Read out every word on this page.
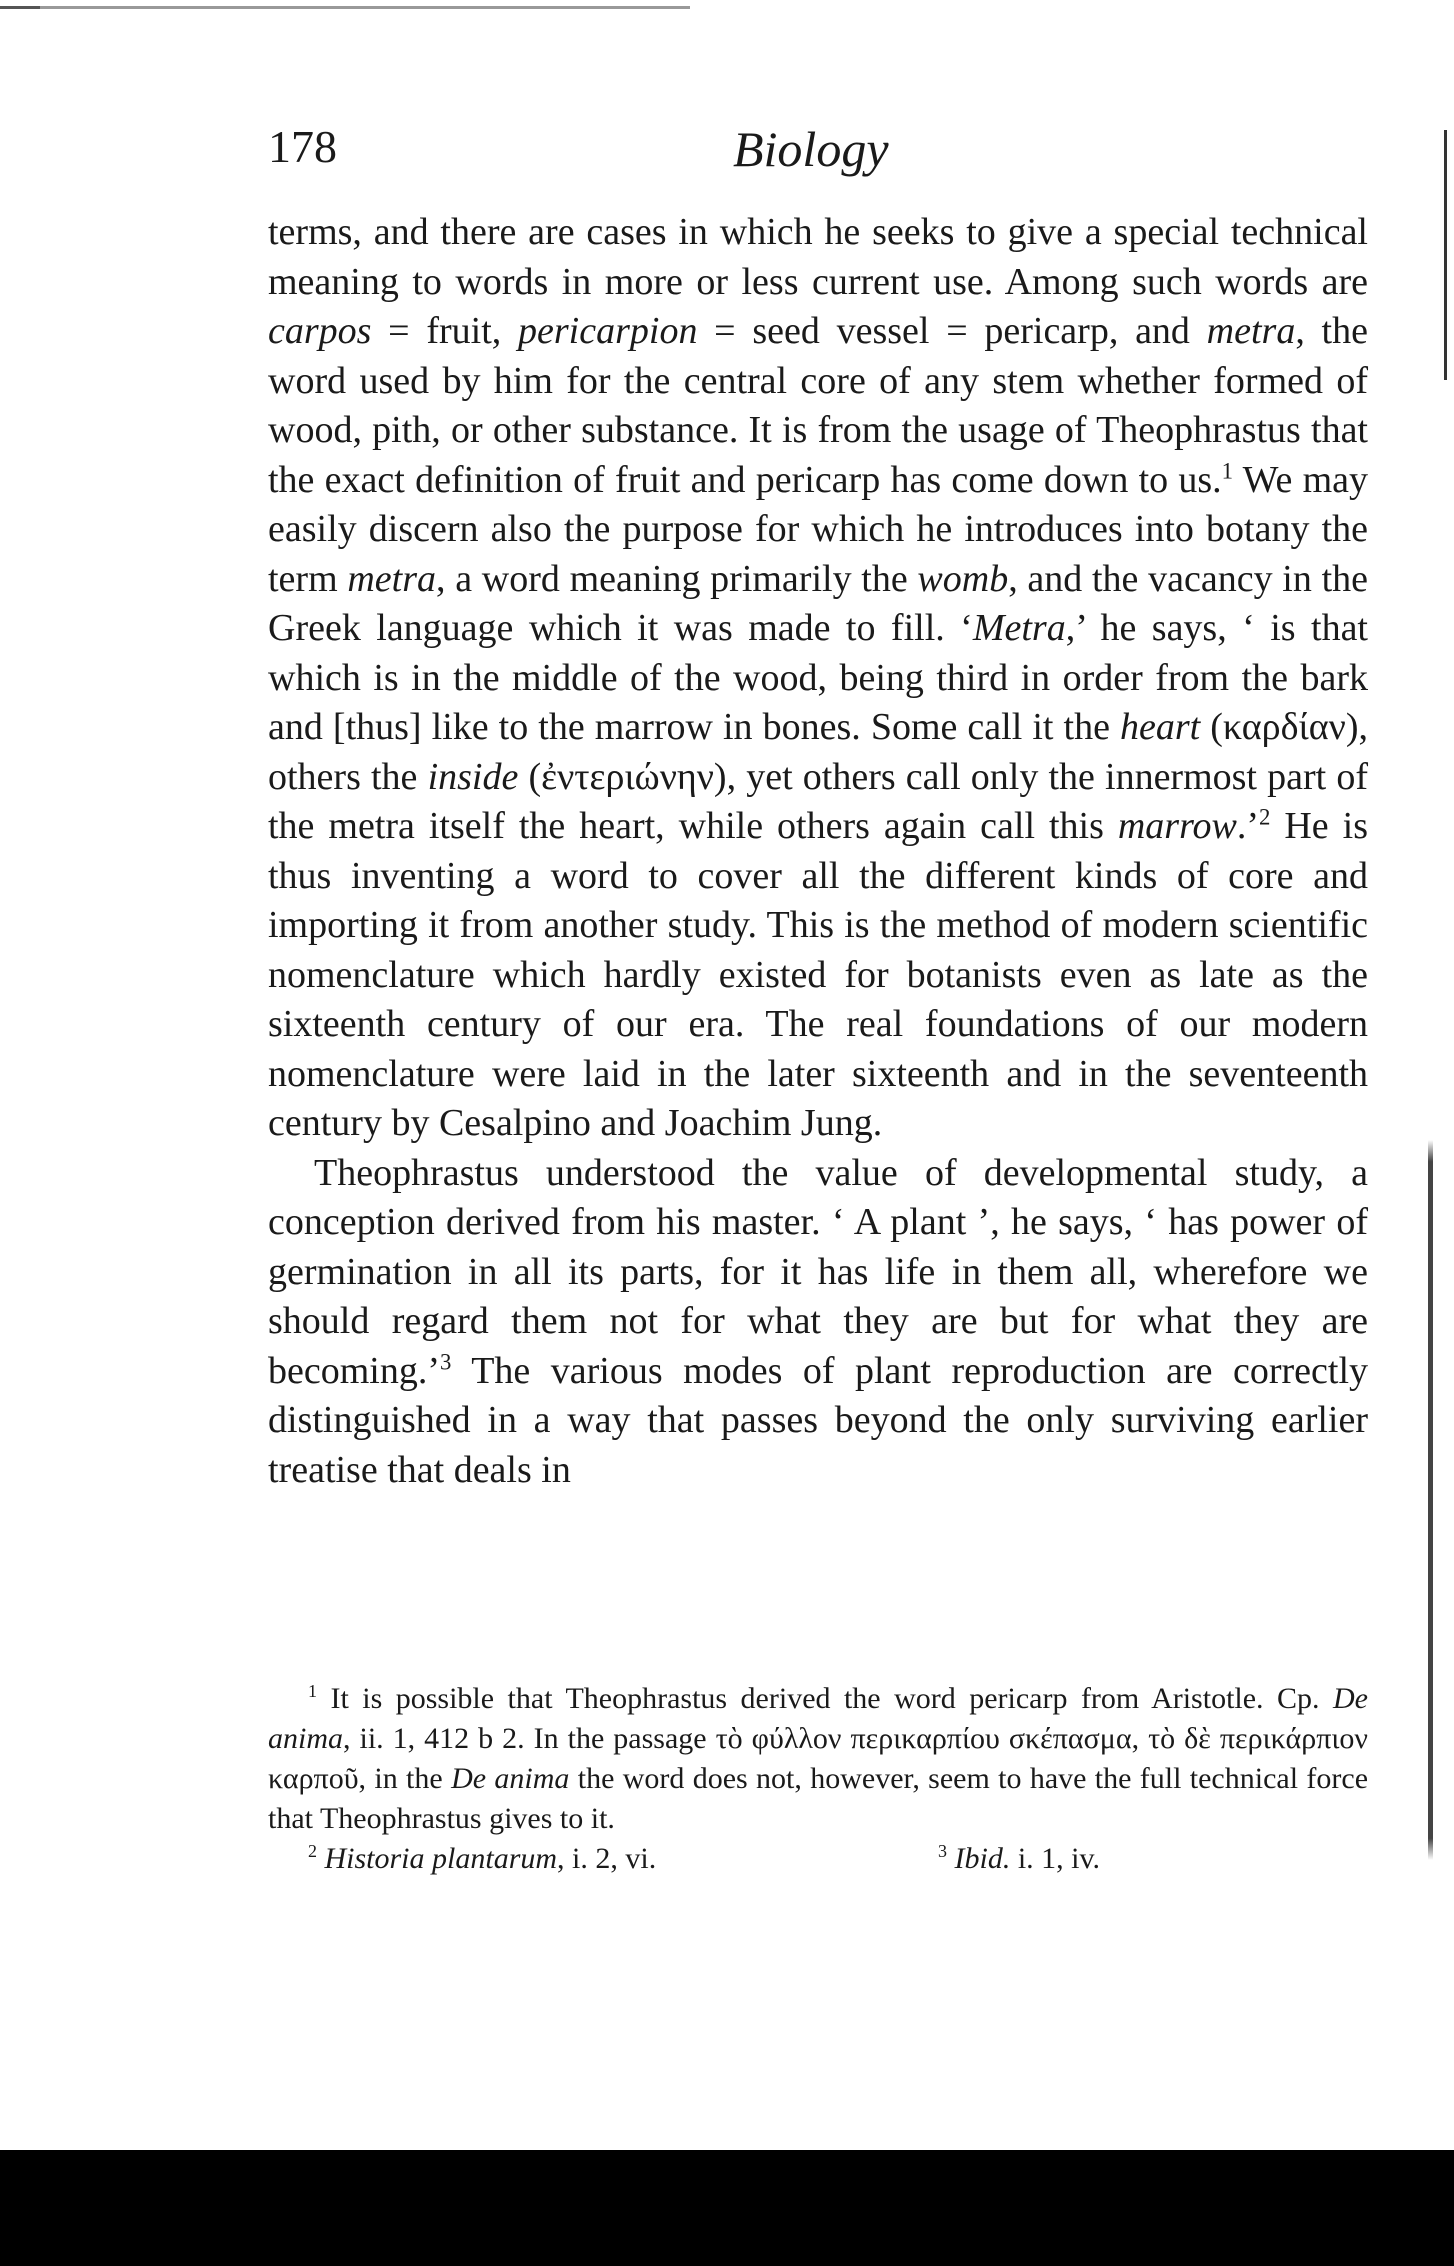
178	Biology

terms, and there are cases in which he seeks to give a special technical meaning to words in more or less current use. Among such words are carpos = fruit, pericarpion = seed vessel = pericarp, and metra, the word used by him for the central core of any stem whether formed of wood, pith, or other substance. It is from the usage of Theophrastus that the exact definition of fruit and pericarp has come down to us.$^1$ We may easily discern also the purpose for which he introduces into botany the term metra, a word meaning primarily the womb, and the vacancy in the Greek language which it was made to fill. ‘Metra,’ he says, ‘ is that which is in the middle of the wood, being third in order from the bark and [thus] like to the marrow in bones. Some call it the heart (καρδίαν), others the inside (ἐντεριώνην), yet others call only the innermost part of the metra itself the heart, while others again call this marrow.’$^2$ He is thus inventing a word to cover all the different kinds of core and importing it from another study. This is the method of modern scientific nomenclature which hardly existed for botanists even as late as the sixteenth century of our era. The real foundations of our modern nomenclature were laid in the later sixteenth and in the seventeenth century by Cesalpino and Joachim Jung.

Theophrastus understood the value of developmental study, a conception derived from his master. ‘ A plant ’, he says, ‘ has power of germination in all its parts, for it has life in them all, wherefore we should regard them not for what they are but for what they are becoming.’$^3$ The various modes of plant reproduction are correctly distinguished in a way that passes beyond the only surviving earlier treatise that deals in

$^1$ It is possible that Theophrastus derived the word pericarp from Aristotle. Cp. De anima, ii. 1, 412 b 2. In the passage τὸ φύλλον περικαρπίου σκέπασμα, τὸ δὲ περικάρπιον καρποῦ, in the De anima the word does not, however, seem to have the full technical force that Theophrastus gives to it.

$^2$ Historia plantarum, i. 2, vi.	$^3$ Ibid. i. 1, iv.
